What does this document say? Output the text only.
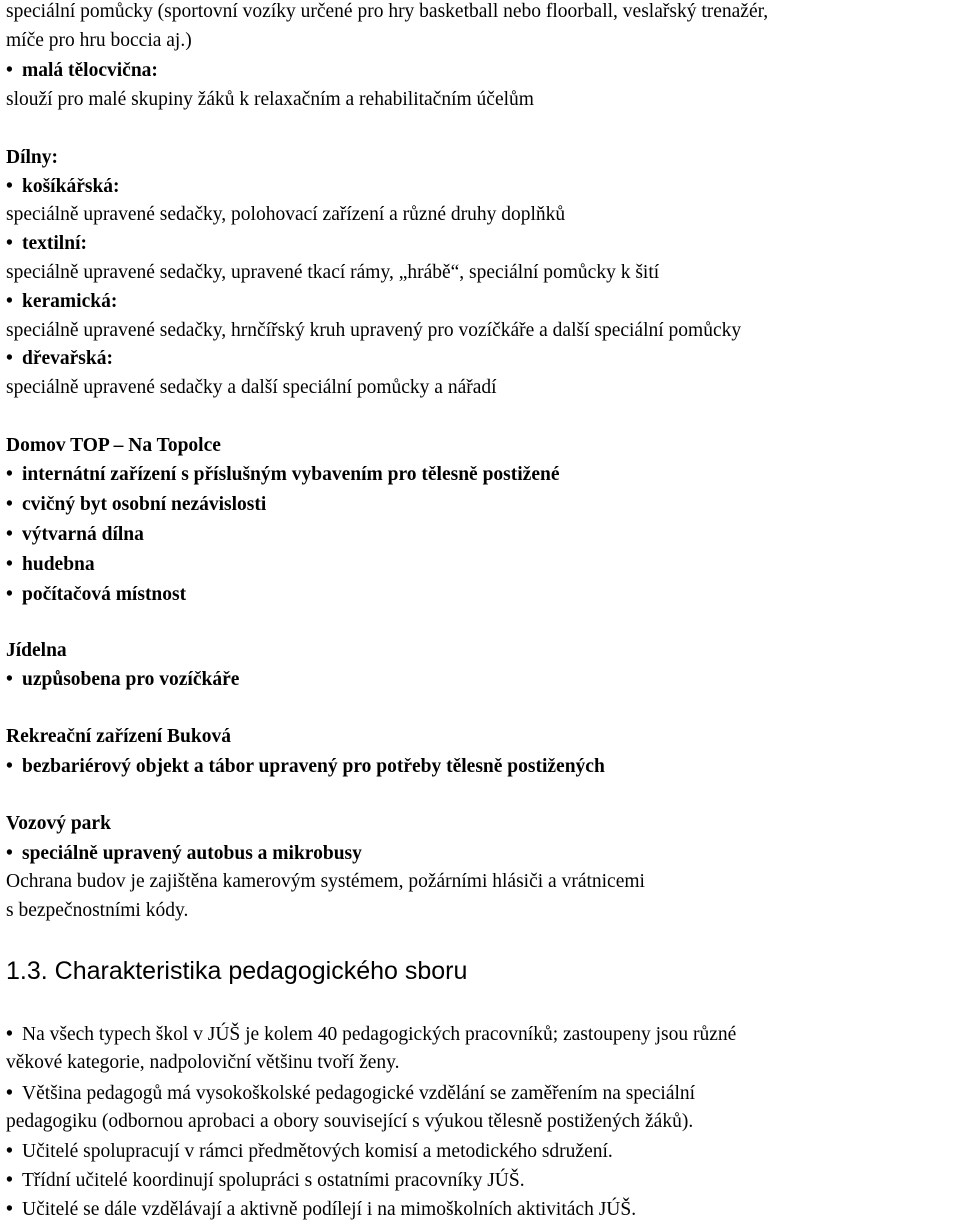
speciální pomůcky (sportovní vozíky určené pro hry basketball nebo floorball, veslařský trenažér,
míče pro hru boccia aj.)
• malá tělocvična:
slouží pro malé skupiny žáků k relaxačním a rehabilitačním účelům
Dílny:
• košíkářská:
speciálně upravené sedačky, polohovací zařízení a různé druhy doplňků
• textilní:
speciálně upravené sedačky, upravené tkací rámy, „hrábě“, speciální pomůcky k šití
• keramická:
speciálně upravené sedačky, hrnčířský kruh upravený pro vozíčkáře a další speciální pomůcky
• dřevařská:
speciálně upravené sedačky a další speciální pomůcky a nářadí
Domov TOP – Na Topolce
• internátní zařízení s příslušným vybavením pro tělesně postižené
• cvičný byt osobní nezávislosti
• výtvarná dílna
• hudebna
• počítačová místnost
Jídelna
• uzpůsobena pro vozíčkáře
Rekreační zařízení Buková
• bezbariérový objekt a tábor upravený pro potřeby tělesně postižených
Vozový park
• speciálně upravený autobus a mikrobusy
Ochrana budov je zajištěna kamerovým systémem, požárními hlásiči a vrátnicemi
s bezpečnostními kódy.
1.3. Charakteristika pedagogického sboru
• Na všech typech škol v JÚŠ je kolem 40 pedagogických pracovníků; zastoupeny jsou různé
věkové kategorie, nadpoloviční většinu tvoří ženy.
• Většina pedagogů má vysokoškolské pedagogické vzdělání se zaměřením na speciální
pedagogiku (odbornou aprobaci a obory související s výukou tělesně postižených žáků).
• Učitelé spolupracují v rámci předmětových komisí a metodického sdružení.
• Třídní učitelé koordinují spolupráci s ostatními pracovníky JÚŠ.
• Učitelé se dále vzdělávají a aktivně podílejí i na mimoškolních aktivitách JÚŠ.
